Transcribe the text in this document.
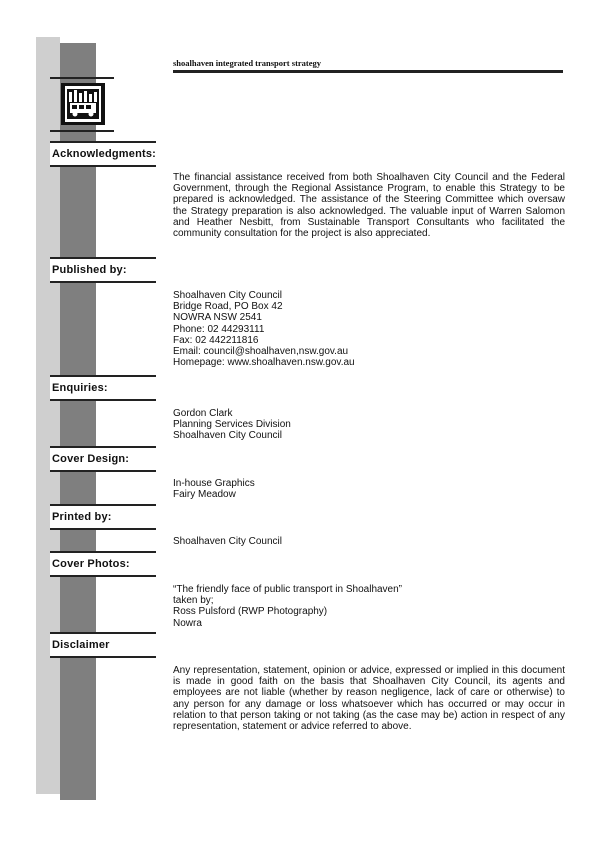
shoalhaven integrated transport strategy
Acknowledgments:
The financial assistance received from both Shoalhaven City Council and the Federal Government, through the Regional Assistance Program, to enable this Strategy to be prepared is acknowledged. The assistance of the Steering Committee which oversaw the Strategy preparation is also acknowledged. The valuable input of Warren Salomon and Heather Nesbitt, from Sustainable Transport Consultants who facilitated the community consultation for the project is also appreciated.
Published by:
Shoalhaven City Council
Bridge Road, PO Box 42
NOWRA NSW 2541
Phone: 02 44293111
Fax: 02 442211816
Email: council@shoalhaven,nsw.gov.au
Homepage: www.shoalhaven.nsw.gov.au
Enquiries:
Gordon Clark
Planning Services Division
Shoalhaven City Council
Cover Design:
In-house Graphics
Fairy Meadow
Printed by:
Shoalhaven City Council
Cover Photos:
“The friendly face of public transport in Shoalhaven”
taken by;
Ross Pulsford (RWP Photography)
Nowra
Disclaimer
Any representation, statement, opinion or advice, expressed or implied in this document is made in good faith on the basis that Shoalhaven City Council, its agents and employees are not liable (whether by reason negligence, lack of care or otherwise) to any person for any damage or loss whatsoever which has occurred or may occur in relation to that person taking or not taking (as the case may be) action in respect of any representation, statement or advice referred to above.
